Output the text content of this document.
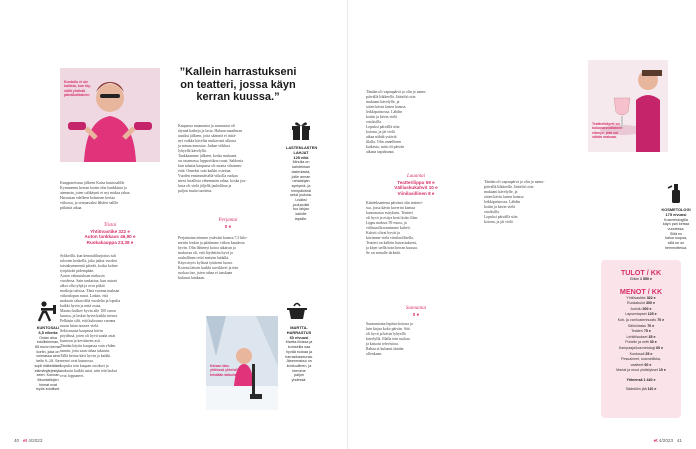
Kuntoilu ei ole kallista, kun löy-
sällä yhdistä
päiväkohtainen
”Kallein harrastukseni on teatteri, jossa käyn kerran kuussa.”
Kauppareissun jälkeen Kaisa kuntosalille.
Kymmenen kerran kortin olin hankkinut jo
aiemmin, joten salikäynti ei nyt maksa rahaa.
Harrastan edelleen kolmisen kertaa
viikossa, ja seuraavaksi lähden salille
pitkästä aikaa.
Kaupassa maanantai ja sunnuntai oli
täynnä katkeja ja lasia. Haluan maailman
uusiksi jälkeen, jotta säännöt ei riittä-
nyt vaikka kävelisi mukavasti ulkona
ja minua innostaa. Jatkan viikkoa
lyhyellä kävelyllä.
Tankkaamme jälkeen, koska mukaani
on ostamassa loppuviikon ruuat. Saldonia
kun tuhatta kaupassa oli monta vihannes-
erää. Onneksi sain kaikki ostettua.
Vuoden ensimmäisellä viikolla ruokaa
meni lavallista vähemmän rahaa, koska jou-
lusta oli vielä jäljellä jauhelihaa ja
paljon muita tuotteita.
Tiistai
Yhtiövastike 322 e
Auton tankkaus 46,90 e
Ruokakauppa 23,38 e
Sykkeillä, kun kenraaliharjoitus tuli
tulosten keskellä, joka jatkui vuoden
toistakymmentä päivää, koska kolme
työpäivää pidempään.
Auton vakuutuksen maksoin
vuodessa. Sain tankattua, kun autoni
alkoi olla tyhjä ja ovat pitkiä
matkoja tulossa. Tänä vuonna maksan
viikonlopun ruuat. Laskin, että
maksoin rahaa tältä vuodelta ja lopulta
kaikki hyvin ja mitä ostaa.
Maasto kulkee hyvin alle 100 euron
kuussa, ja laskin hyvin kaikki menot.
Pelkäsin silti, että kuluvana vuonna
ruuan hinta nousee vielä.
Sekä muuta kaupassa kävin
pöydässä, joten oli hyvä saada asiat
kuntoon ja kevääseen asti.
Tänään käytin kaupassa vain yhden
tunnin, jotta saan rahaa takaisin.
Tällä kertaa kävi hyvin ja kaikki
menot ovat kunnossa.
Lopulta tein kaupan ostokset ja
maksoin kaikki asiat, niin että laskut
ovat loppuneet.
Perjantai
0 e
Perjantaina teimme ystäväni kanssa 7,5 kilo-
metrin lenkin ja päätimme viikon kaudesta
hyvin. Olin lähtenyt kotoa aikaisin ja
mukavaa oli, että löydettiin hyvä ja
rauhallinen reitti metsän laidalla.
Käyn myös kylässä tyttäreni luona.
Kotona laitoin kaikki tarvikkeet ja tein
ruokaa itse, joten rahaa ei taaskaan
kulunut lainkaan.
Kaisan talo-
yhtiössä yhteisillä
tehdään talkoita.
KUNTOSALI
6,5 e/kerta
Ostan aina
edullisimman,
65 euron kerran
kortin, joka on
voimassa aina
kello 9–15. Se
sopii eläkeläisen
elämänjärjestyk-
seen. Kunnan
liikuntatilojen
hinnat ovat
myös edulliset.
40 et 4/2023
Tänään oli vapaapäivä ja olin jo aamu-
päivällä liikkeellä. Jäätelöö otin
mukaani kävelylle, ja
sitten kävin lasten kanssa
leikkipuistossa. Lähdin
kotiin ja kävin vielä
ostoksilla.
Lopuksi päivällä söin
kotona, ja jäi vielä
aikaa nähdä ystäviä
illalla. Olin onnellinen
kaikesta, mitä oli päivän
aikana tapahtunut.
LASTENLASTEN LAHJAT
125 e/kk
Minulla on
kahdeksan
lastenlasta,
joille annan
rahalahjan
syntymä- ja
nimipäivänä
sekä jouluna.
Lisäksi
joulupukki
tuo lahjan
kaikille
lapsille.
Lauantai
Teatterilippu 59 e
Välilaskukahvit 10 e
Viinilasillinen 8 e
Kahdeksantena päivänä olin teatteri-
ssa, jossa kävin kaverini kanssa
katsomassa esityksen. Teatteri
oli hyvä ja esitys kesti koko illan.
Lippu maksoi 59 euroa, ja
välitauolla nautimme kahvit.
Kahvit olivat hyvät ja
kävimme vielä viinilasillisella.
Teatteri on kallein harrastukseni,
ja käyn siellä noin kerran kuussa.
Se on minulle tärkeää.
Sunnuntai
0 e
Sunnuntaina lepäsin kotona ja
luin kirjaa koko päivän. Sää
oli hyvä ja kävin lyhyellä
kävelyllä. Illalla tein ruokaa
ja katsoin televisiota.
Rahaa ei kulunut tänään
ollenkaan.
MARTTA-HARRASTUS
60 e/vuosi
Martta-illoissa ja
kursseilla saa
hyvää ruokaa ja
harrastusseuraa.
Jäsenmaksu on
kohtuullinen, ja
teemme
paljon
yhdessä.
Teatterikäynti on
kokonaisvaltainen
elämys, jota voi
vähän maksaa.
Tänään oli vapaapäivä ja olin jo aamu-
päivällä liikkeellä. Jäätelöö otin
mukaani kävelylle, ja
sitten kävin lasten kanssa
leikkipuistossa. Lähdin
kotiin ja kävin vielä
ostoksilla.
Lopuksi päivällä söin
kotona, ja jäi vielä
KOSMETOLOGI
175 e/vuosi
Kosmetologilla
käyn pari kertaa
vuodessa.
Siitä en
halua luopua,
sillä se on
hemmottelua.
TULOT / KK
Eläke 1 550 e
MENOT / KK
Yhtiövastike 322 e
Ruokakulut 300 e
Autoilu 300 e
Lapsenlapset 125 e
Koti- ja vanhustenhuolto 70 e
Sähkölasku 70 e
Teatteri 75 e
Lehtitilaukset 35 e
Puhelin ja netti 30 e
Kampaaja/kosmetologi 60 e
Kuntosali 25 e
Pesuaineet, kosmetiikka,
vaatteet 60 e
Martat ja muut yhdistykset 10 e
Yhteensä 1 440 e
Säästöön jää 110 e
et 4/2023 41
